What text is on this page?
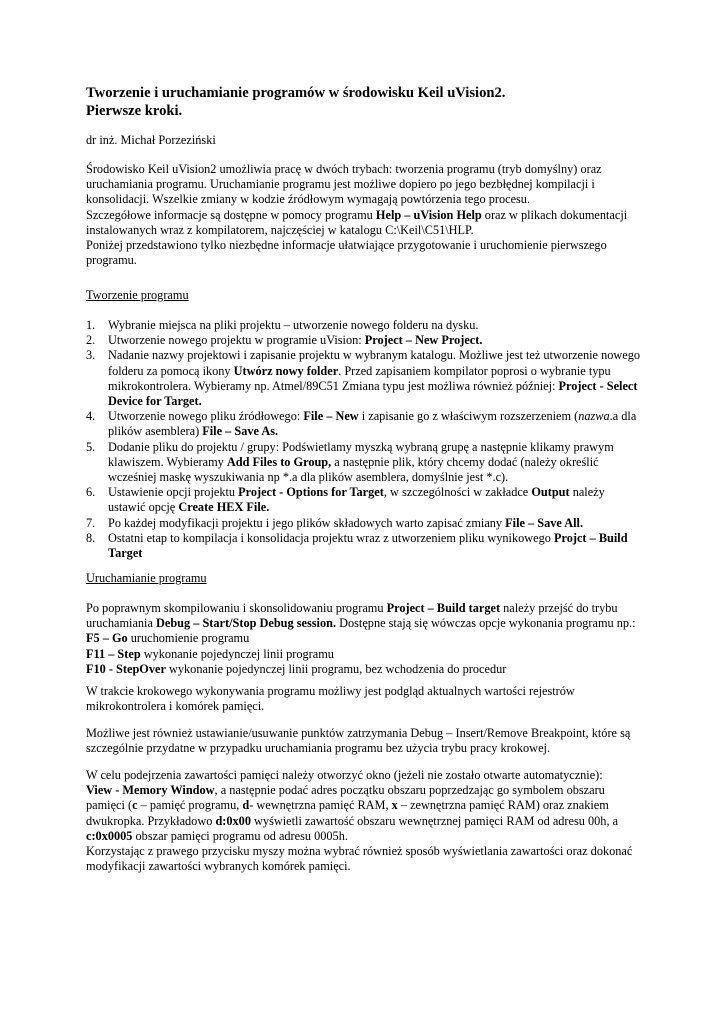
Tworzenie i uruchamianie programów w środowisku Keil uVision2.
Pierwsze kroki.
dr inż. Michał Porzeziński
Środowisko Keil uVision2 umożliwia pracę w dwóch trybach: tworzenia programu (tryb domyślny) oraz
uruchamiania programu. Uruchamianie programu jest możliwe dopiero po jego bezbłędnej kompilacji i
konsolidacji. Wszelkie zmiany w kodzie źródłowym wymagają powtórzenia tego procesu.
Szczegółowe informacje są dostępne w pomocy programu Help – uVision Help oraz w plikach dokumentacji
instalowanych wraz z kompilatorem, najczęściej w katalogu C:\Keil\C51\HLP.
Poniżej przedstawiono tylko niezbędne informacje ułatwiające przygotowanie i uruchomienie pierwszego
programu.
Tworzenie programu
1. Wybranie miejsca na pliki projektu – utworzenie nowego folderu na dysku.
2. Utworzenie nowego projektu w programie uVision: Project – New Project.
3. Nadanie nazwy projektowi i zapisanie projektu w wybranym katalogu. Możliwe jest też utworzenie nowego
folderu za pomocą ikony Utwórz nowy folder. Przed zapisaniem kompilator poprosi o wybranie typu
mikrokontrolera. Wybieramy np. Atmel/89C51 Zmiana typu jest możliwa również później: Project - Select
Device for Target.
4. Utworzenie nowego pliku źródłowego: File – New i zapisanie go z właściwym rozszerzeniem (nazwa.a dla
plików asemblera) File – Save As.
5. Dodanie pliku do projektu / grupy: Podświetlamy myszką wybraną grupę a następnie klikamy prawym
klawiszem. Wybieramy Add Files to Group, a następnie plik, który chcemy dodać (należy określić
wcześniej maskę wyszukiwania np *.a dla plików asemblera, domyślnie jest *.c).
6. Ustawienie opcji projektu Project - Options for Target, w szczególności w zakładce Output należy
ustawić opcję Create HEX File.
7. Po każdej modyfikacji projektu i jego plików składowych warto zapisać zmiany File – Save All.
8. Ostatni etap to kompilacja i konsolidacja projektu wraz z utworzeniem pliku wynikowego Projct – Build
Target
Uruchamianie programu
Po poprawnym skompilowaniu i skonsolidowaniu programu Project – Build target należy przejść do trybu
uruchamiania Debug – Start/Stop Debug session. Dostępne stają się wówczas opcje wykonania programu np.:
F5 – Go uruchomienie programu
F11 – Step wykonanie pojedynczej linii programu
F10 - StepOver wykonanie pojedynczej linii programu, bez wchodzenia do procedur
W trakcie krokowego wykonywania programu możliwy jest podgląd aktualnych wartości rejestrów
mikrokontrolera i komórek pamięci.
Możliwe jest również ustawianie/usuwanie punktów zatrzymania Debug – Insert/Remove Breakpoint, które są
szczególnie przydatne w przypadku uruchamiania programu bez użycia trybu pracy krokowej.
W celu podejrzenia zawartości pamięci należy otworzyć okno (jeżeli nie zostało otwarte automatycznie):
View - Memory Window, a następnie podać adres początku obszaru poprzedzając go symbolem obszaru
pamięci (c – pamięć programu, d- wewnętrzna pamięć RAM, x – zewnętrzna pamięć RAM) oraz znakiem
dwukropka. Przykładowo d:0x00 wyświetli zawartość obszaru wewnętrznej pamięci RAM od adresu 00h, a
c:0x0005 obszar pamięci programu od adresu 0005h.
Korzystając z prawego przycisku myszy można wybrać również sposób wyświetlania zawartości oraz dokonać
modyfikacji zawartości wybranych komórek pamięci.
